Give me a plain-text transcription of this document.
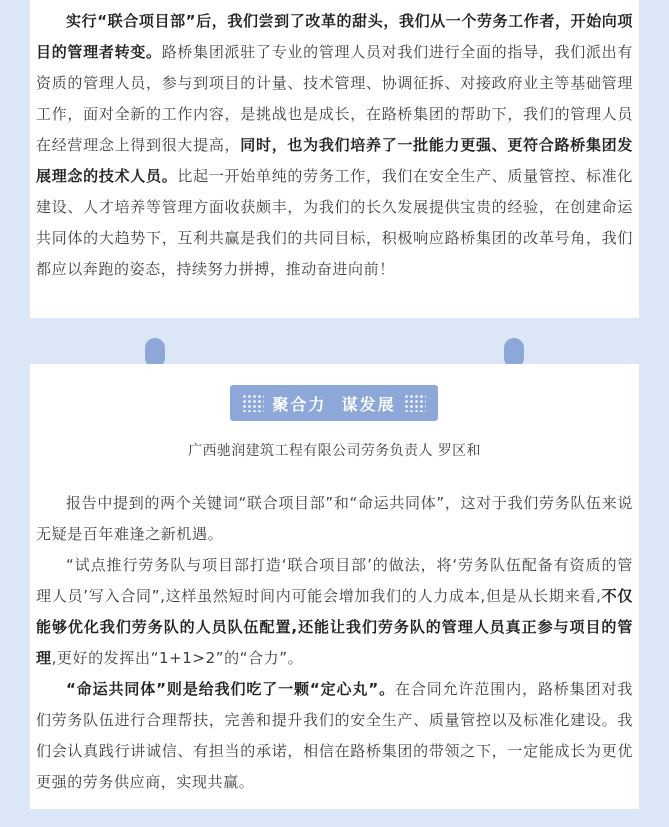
实行“联合项目部”后，我们尝到了改革的甜头，我们从一个劳务工作者，开始向项目的管理者转变。路桥集团派驻了专业的管理人员对我们进行全面的指导，我们派出有资质的管理人员，参与到项目的计量、技术管理、协调征拆、对接政府业主等基础管理工作，面对全新的工作内容，是挑战也是成长，在路桥集团的帮助下，我们的管理人员在经营理念上得到很大提高，同时，也为我们培养了一批能力更强、更符合路桥集团发展理念的技术人员。比起一开始单纯的劳务工作，我们在安全生产、质量管控、标准化建设、人才培养等管理方面收获颇丰，为我们的长久发展提供宝贵的经验，在创建命运共同体的大趋势下，互利共赢是我们的共同目标，积极响应路桥集团的改革号角，我们都应以奔跑的姿态，持续努力拼搏，推动奋进向前！

报告中提到的两个关键词“联合项目部”和“命运共同体”，这对于我们劳务队伍来说无疑是百年难逢之新机遇。

“试点推行劳务队与项目部打造‘联合项目部’的做法，将‘劳务队伍配备有资质的管理人员’写入合同”,这样虽然短时间内可能会增加我们的人力成本,但是从长期来看,不仅能够优化我们劳务队的人员队伍配置,还能让我们劳务队的管理人员真正参与项目的管理,更好的发挥出“1+1>2”的“合力”。

“命运共同体”则是给我们吃了一颗“定心丸”。在合同允许范围内，路桥集团对我们劳务队伍进行合理帮扶，完善和提升我们的安全生产、质量管控以及标准化建设。我们会认真践行讲诚信、有担当的承诺，相信在路桥集团的带领之下，一定能成长为更优更强的劳务供应商，实现共赢。

聚合力  谋发展
广西驰润建筑工程有限公司劳务负责人 罗区和
